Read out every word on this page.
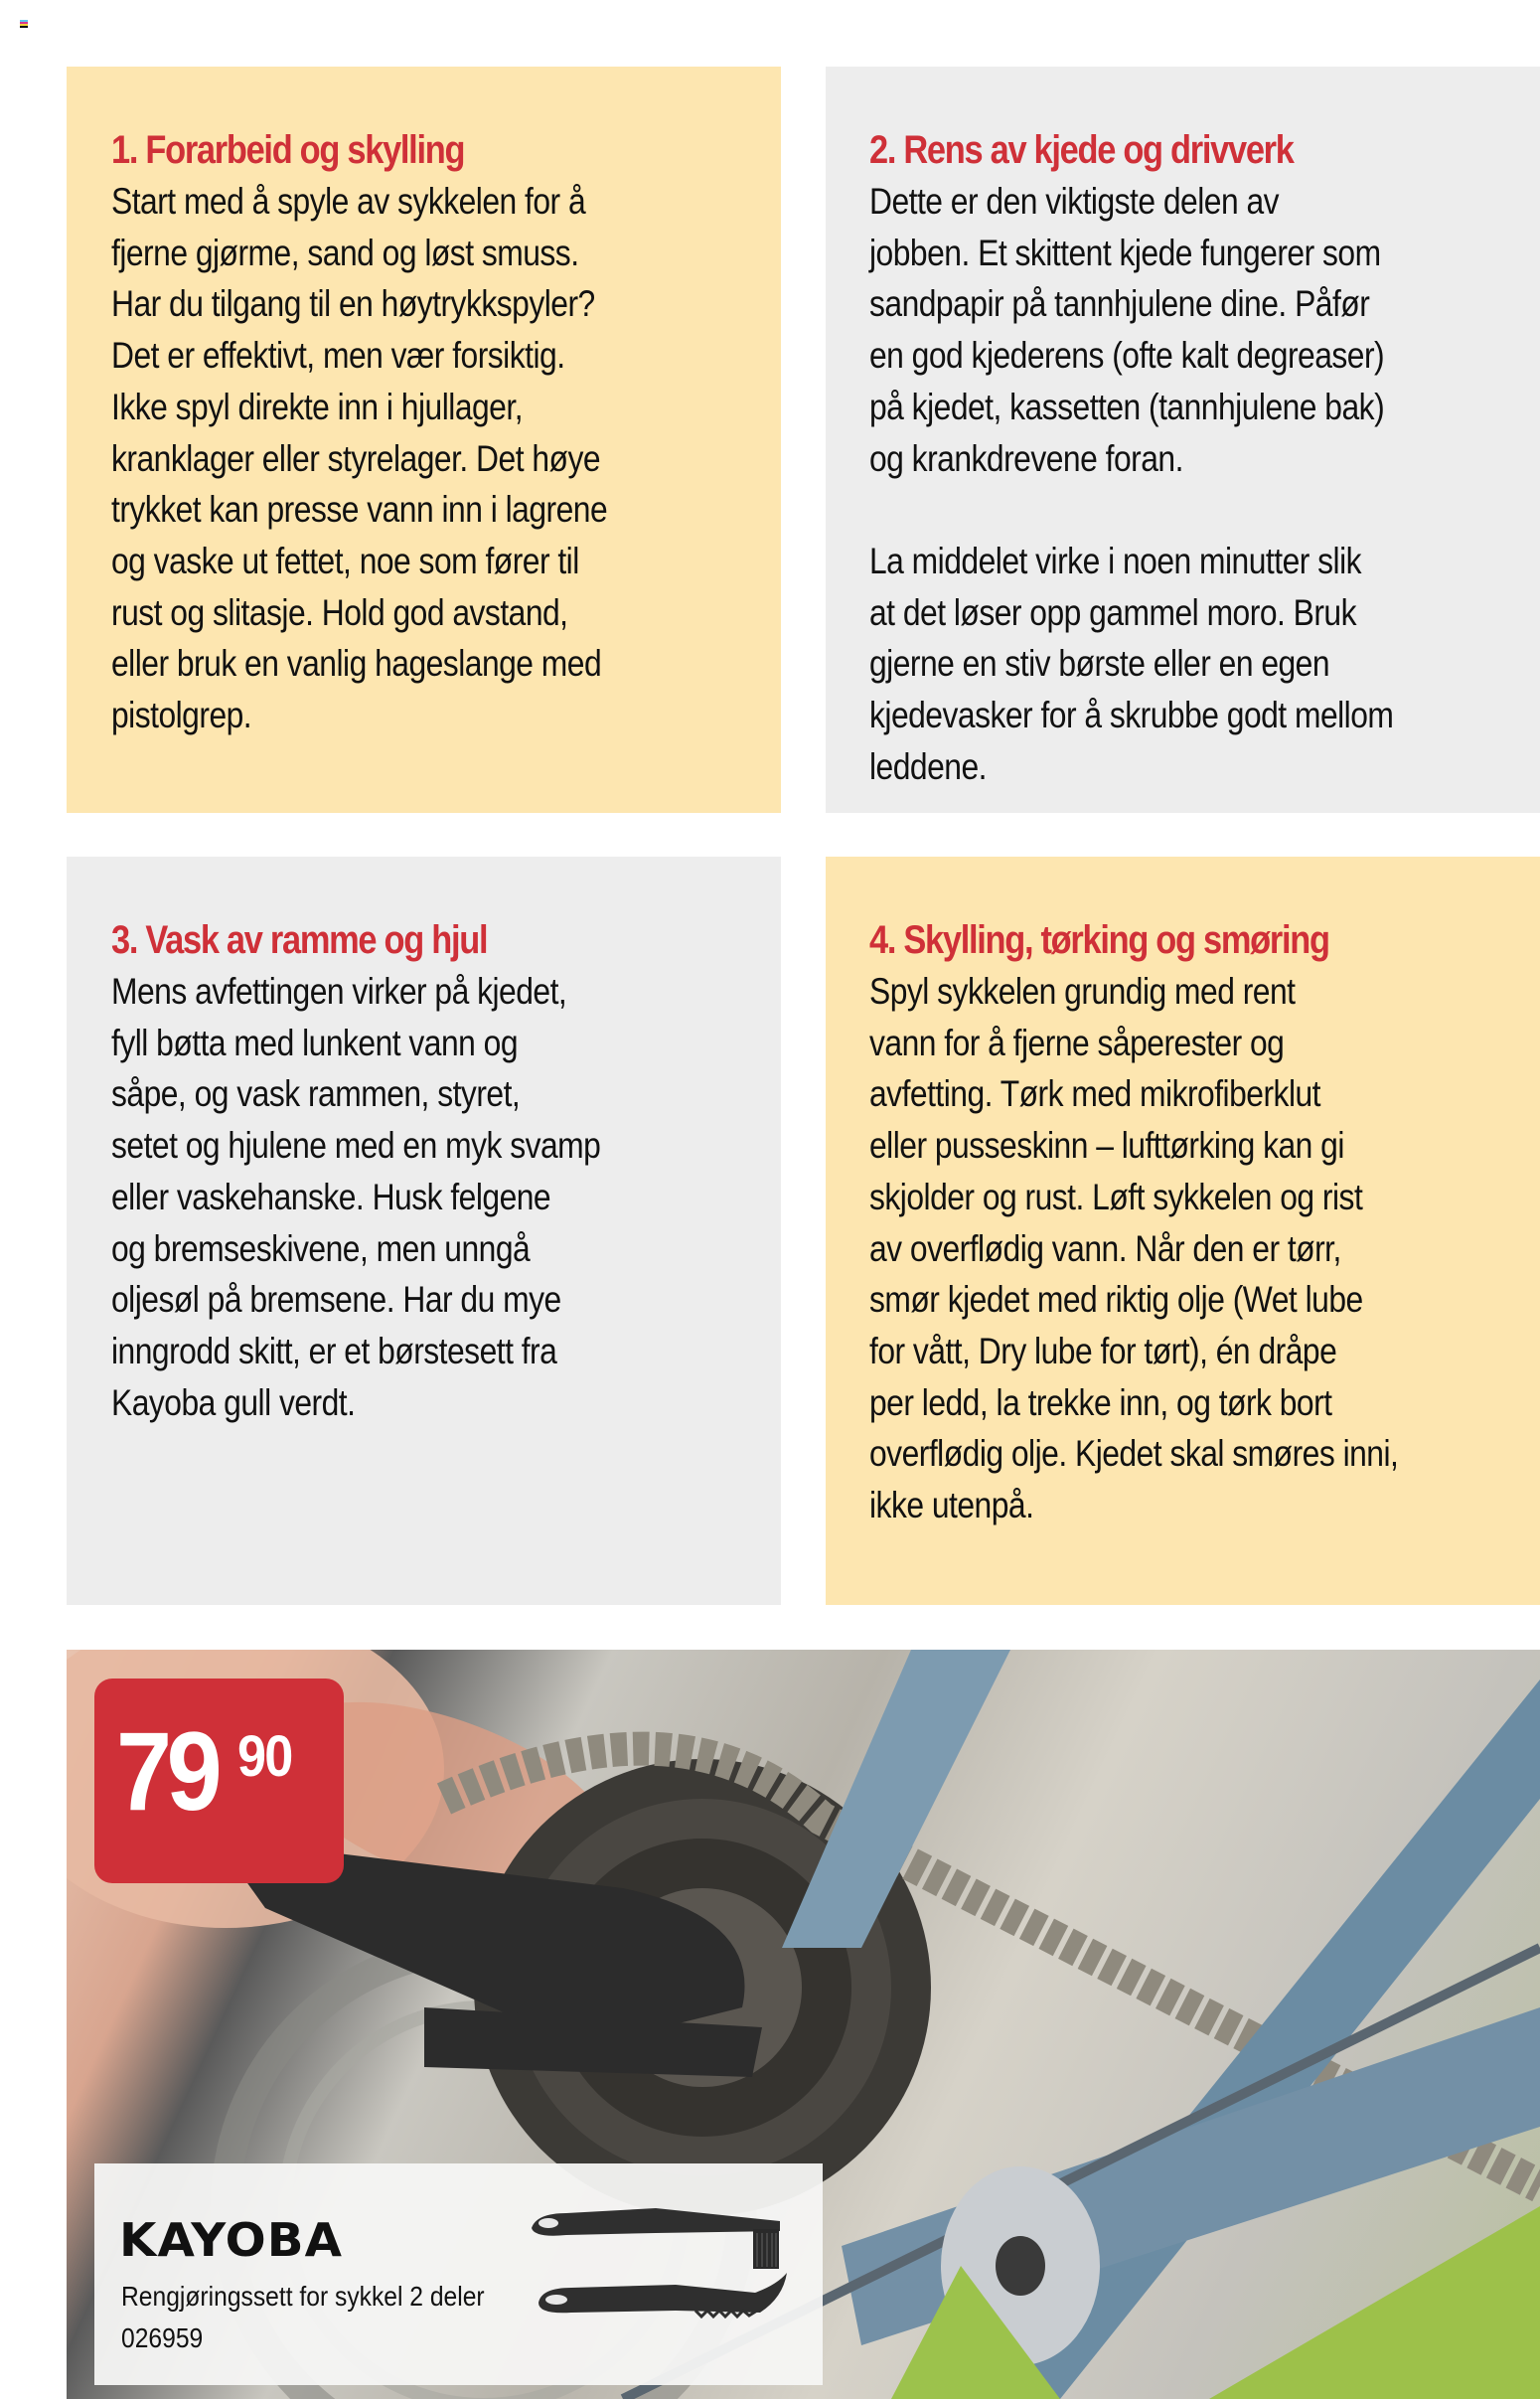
1. Forarbeid og skylling

Start med å spyle av sykkelen for å

fjerne gjørme, sand og løst smuss.

Har du tilgang til en høytrykkspyler?

Det er effektivt, men vær forsiktig.

Ikke spyl direkte inn i hjullager,

kranklager eller styrelager. Det høye

trykket kan presse vann inn i lagrene

og vaske ut fettet, noe som fører til

rust og slitasje. Hold god avstand,

eller bruk en vanlig hageslange med

pistolgrep.

2. Rens av kjede og drivverk

Dette er den viktigste delen av

jobben. Et skittent kjede fungerer som

sandpapir på tannhjulene dine. Påfør

en god kjederens (ofte kalt degreaser)

på kjedet, kassetten (tannhjulene bak)

og krankdrevene foran.

La middelet virke i noen minutter slik

at det løser opp gammel moro. Bruk

gjerne en stiv børste eller en egen

kjedevasker for å skrubbe godt mellom

leddene.

3. Vask av ramme og hjul

Mens avfettingen virker på kjedet,

fyll bøtta med lunkent vann og

såpe, og vask rammen, styret,

setet og hjulene med en myk svamp

eller vaskehanske. Husk felgene

og bremseskivene, men unngå

oljesøl på bremsene. Har du mye

inngrodd skitt, er et børstesett fra

Kayoba gull verdt.

4. Skylling, tørking og smøring

Spyl sykkelen grundig med rent

vann for å fjerne såperester og

avfetting. Tørk med mikrofiberklut

eller pusseskinn – lufttørking kan gi

skjolder og rust. Løft sykkelen og rist

av overflødig vann. Når den er tørr,

smør kjedet med riktig olje (Wet lube

for vått, Dry lube for tørt), én dråpe

per ledd, la trekke inn, og tørk bort

overflødig olje. Kjedet skal smøres inni,

ikke utenpå.

79 90
KAYOBA
Rengjøringssett for sykkel 2 deler
026959
